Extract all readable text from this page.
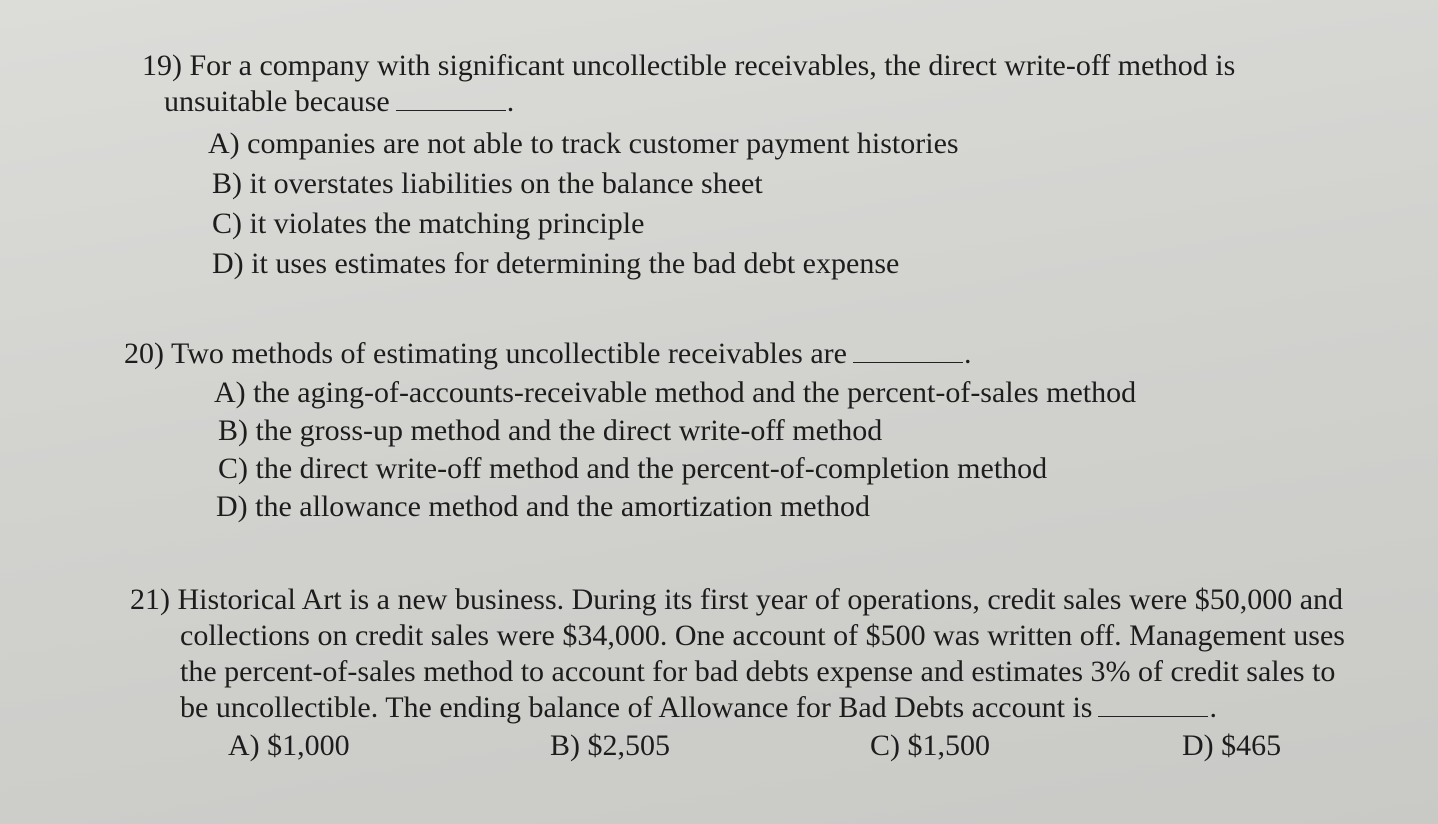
19) For a company with significant uncollectible receivables, the direct write-off method is
unsuitable because	.
A) companies are not able to track customer payment histories
B) it overstates liabilities on the balance sheet
C) it violates the matching principle
D) it uses estimates for determining the bad debt expense
20) Two methods of estimating uncollectible receivables are	.
A) the aging-of-accounts-receivable method and the percent-of-sales method
B) the gross-up method and the direct write-off method
C) the direct write-off method and the percent-of-completion method
D) the allowance method and the amortization method
21) Historical Art is a new business. During its first year of operations, credit sales were $50,000 and
collections on credit sales were $34,000. One account of $500 was written off. Management uses
the percent-of-sales method to account for bad debts expense and estimates 3% of credit sales to
be uncollectible. The ending balance of Allowance for Bad Debts account is	.
A) $1,000	B) $2,505	C) $1,500	D) $465
